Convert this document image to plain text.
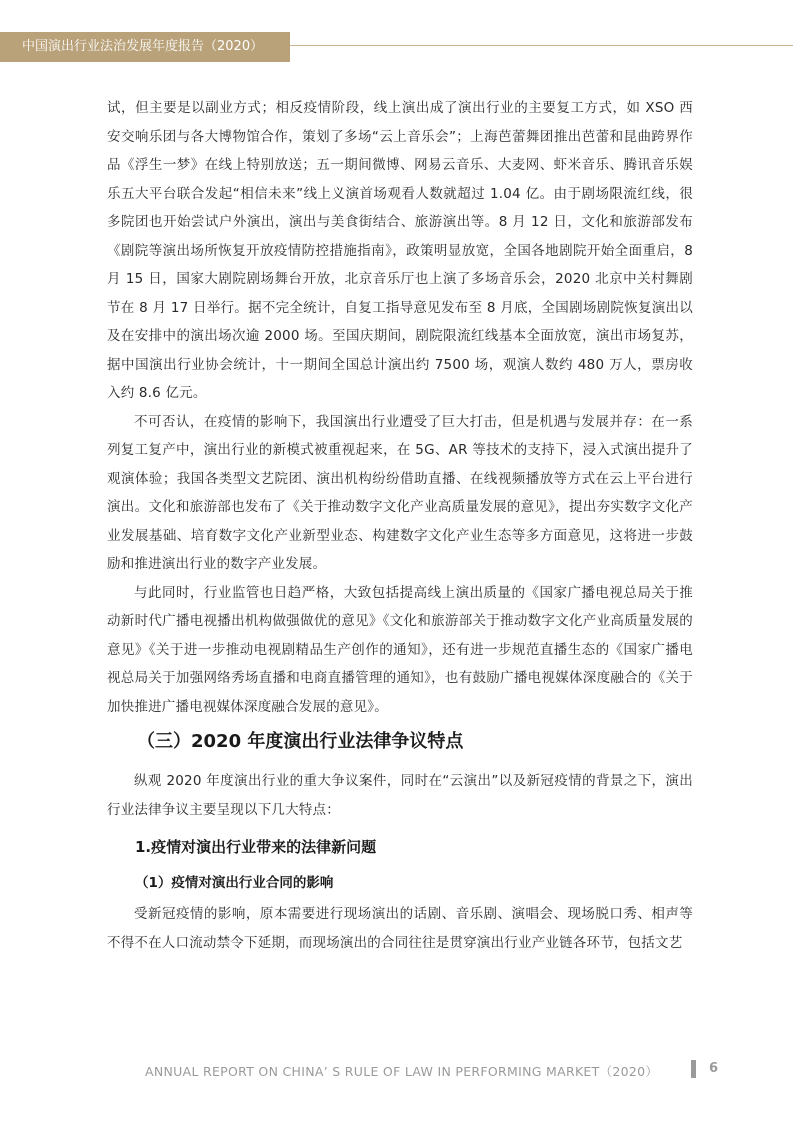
中国演出行业法治发展年度报告（2020）

试，但主要是以副业方式；相反疫情阶段，线上演出成了演出行业的主要复工方式，如 XSO 西安交响乐团与各大博物馆合作，策划了多场“云上音乐会”；上海芭蕾舞团推出芭蕾和昆曲跨界作品《浮生一梦》在线上特别放送；五一期间微博、网易云音乐、大麦网、虾米音乐、腾讯音乐娱乐五大平台联合发起“相信未来”线上义演首场观看人数就超过 1.04 亿。由于剧场限流红线，很多院团也开始尝试户外演出，演出与美食街结合、旅游演出等。8 月 12 日，文化和旅游部发布《剧院等演出场所恢复开放疫情防控措施指南》，政策明显放宽，全国各地剧院开始全面重启，8 月 15 日，国家大剧院剧场舞台开放，北京音乐厅也上演了多场音乐会，2020 北京中关村舞剧节在 8 月 17 日举行。据不完全统计，自复工指导意见发布至 8 月底，全国剧场剧院恢复演出以及在安排中的演出场次逾 2000 场。至国庆期间，剧院限流红线基本全面放宽，演出市场复苏，据中国演出行业协会统计，十一期间全国总计演出约 7500 场，观演人数约 480 万人，票房收入约 8.6 亿元。

不可否认，在疫情的影响下，我国演出行业遭受了巨大打击，但是机遇与发展并存：在一系列复工复产中，演出行业的新模式被重视起来，在 5G、AR 等技术的支持下，浸入式演出提升了观演体验；我国各类型文艺院团、演出机构纷纷借助直播、在线视频播放等方式在云上平台进行演出。文化和旅游部也发布了《关于推动数字文化产业高质量发展的意见》，提出夯实数字文化产业发展基础、培育数字文化产业新型业态、构建数字文化产业生态等多方面意见，这将进一步鼓励和推进演出行业的数字产业发展。

与此同时，行业监管也日趋严格，大致包括提高线上演出质量的《国家广播电视总局关于推动新时代广播电视播出机构做强做优的意见》《文化和旅游部关于推动数字文化产业高质量发展的意见》《关于进一步推动电视剧精品生产创作的通知》，还有进一步规范直播生态的《国家广播电视总局关于加强网络秀场直播和电商直播管理的通知》，也有鼓励广播电视媒体深度融合的《关于加快推进广播电视媒体深度融合发展的意见》。

（三）2020 年度演出行业法律争议特点

纵观 2020 年度演出行业的重大争议案件，同时在“云演出”以及新冠疫情的背景之下，演出行业法律争议主要呈现以下几大特点：

1.疫情对演出行业带来的法律新问题
（1）疫情对演出行业合同的影响

受新冠疫情的影响，原本需要进行现场演出的话剧、音乐剧、演唱会、现场脱口秀、相声等不得不在人口流动禁令下延期，而现场演出的合同往往是贯穿演出行业产业链各环节，包括文艺

ANNUAL REPORT ON CHINA’ S RULE OF LAW IN PERFORMING MARKET（2020）	6
